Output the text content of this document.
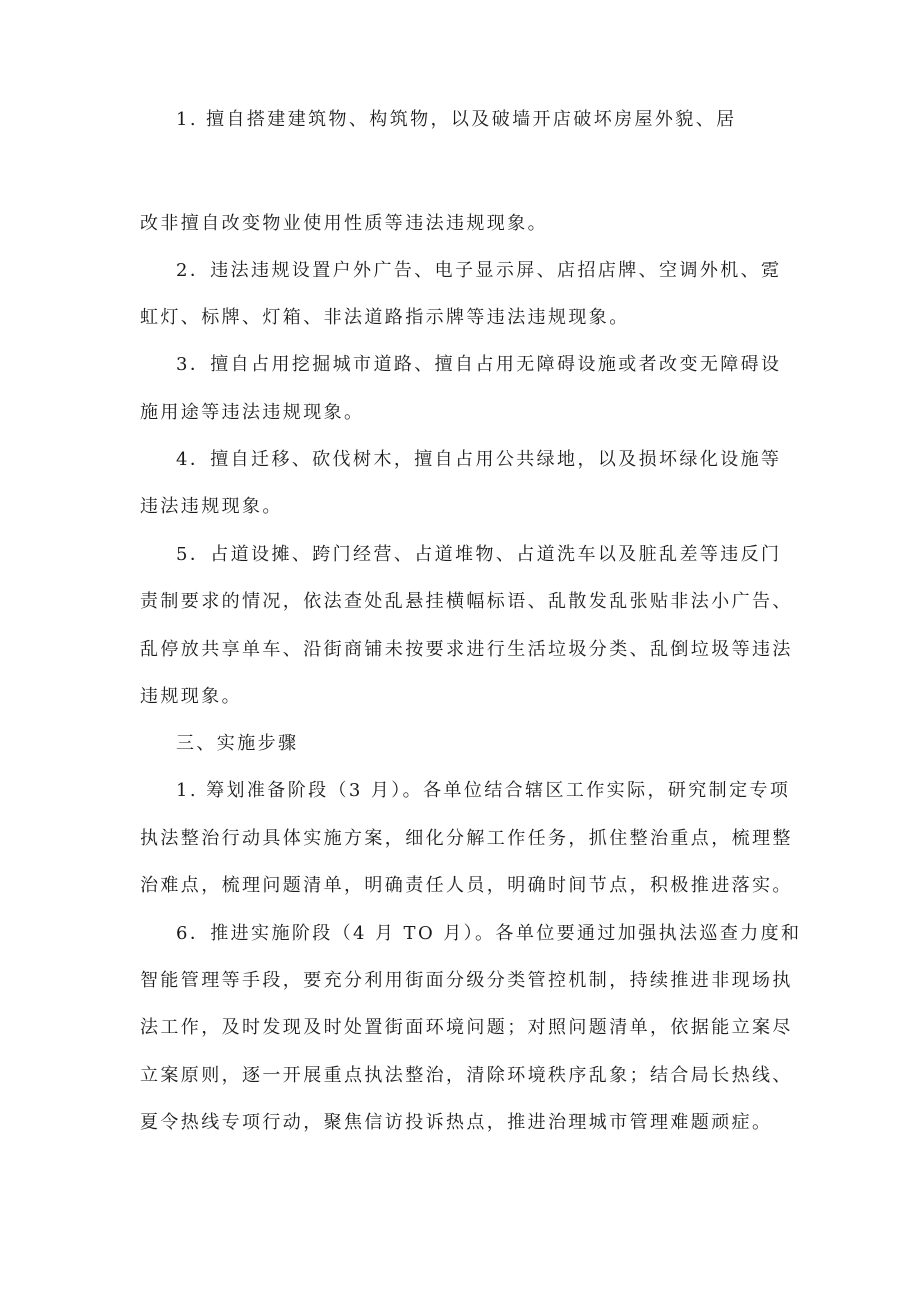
1. 擅自搭建建筑物、构筑物，以及破墙开店破坏房屋外貌、居

改非擅自改变物业使用性质等违法违规现象。

2．违法违规设置户外广告、电子显示屏、店招店牌、空调外机、霓

虹灯、标牌、灯箱、非法道路指示牌等违法违规现象。

3．擅自占用挖掘城市道路、擅自占用无障碍设施或者改变无障碍设

施用途等违法违规现象。

4．擅自迁移、砍伐树木，擅自占用公共绿地，以及损坏绿化设施等

违法违规现象。

5．占道设摊、跨门经营、占道堆物、占道洗车以及脏乱差等违反门

责制要求的情况，依法查处乱悬挂横幅标语、乱散发乱张贴非法小广告、

乱停放共享单车、沿街商铺未按要求进行生活垃圾分类、乱倒垃圾等违法

违规现象。

三、实施步骤

1. 筹划准备阶段（3 月）。各单位结合辖区工作实际，研究制定专项

执法整治行动具体实施方案，细化分解工作任务，抓住整治重点，梳理整

治难点，梳理问题清单，明确责任人员，明确时间节点，积极推进落实。

6．推进实施阶段（4 月 TO 月）。各单位要通过加强执法巡查力度和

智能管理等手段，要充分利用街面分级分类管控机制，持续推进非现场执

法工作，及时发现及时处置街面环境问题；对照问题清单，依据能立案尽

立案原则，逐一开展重点执法整治，清除环境秩序乱象；结合局长热线、

夏令热线专项行动，聚焦信访投诉热点，推进治理城市管理难题顽症。
